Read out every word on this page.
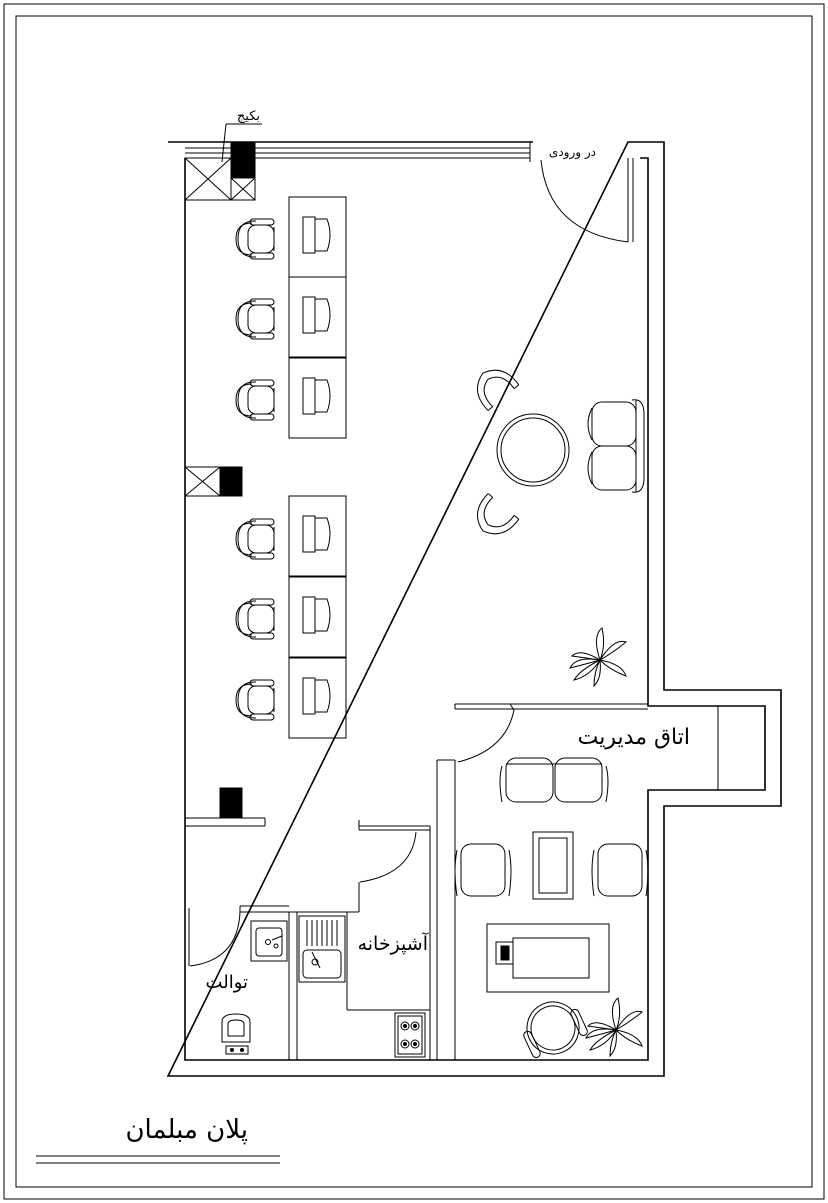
در ورودی
بکیج
اتاق مدیریت
آشپزخانه
توالت
پلان مبلمان
